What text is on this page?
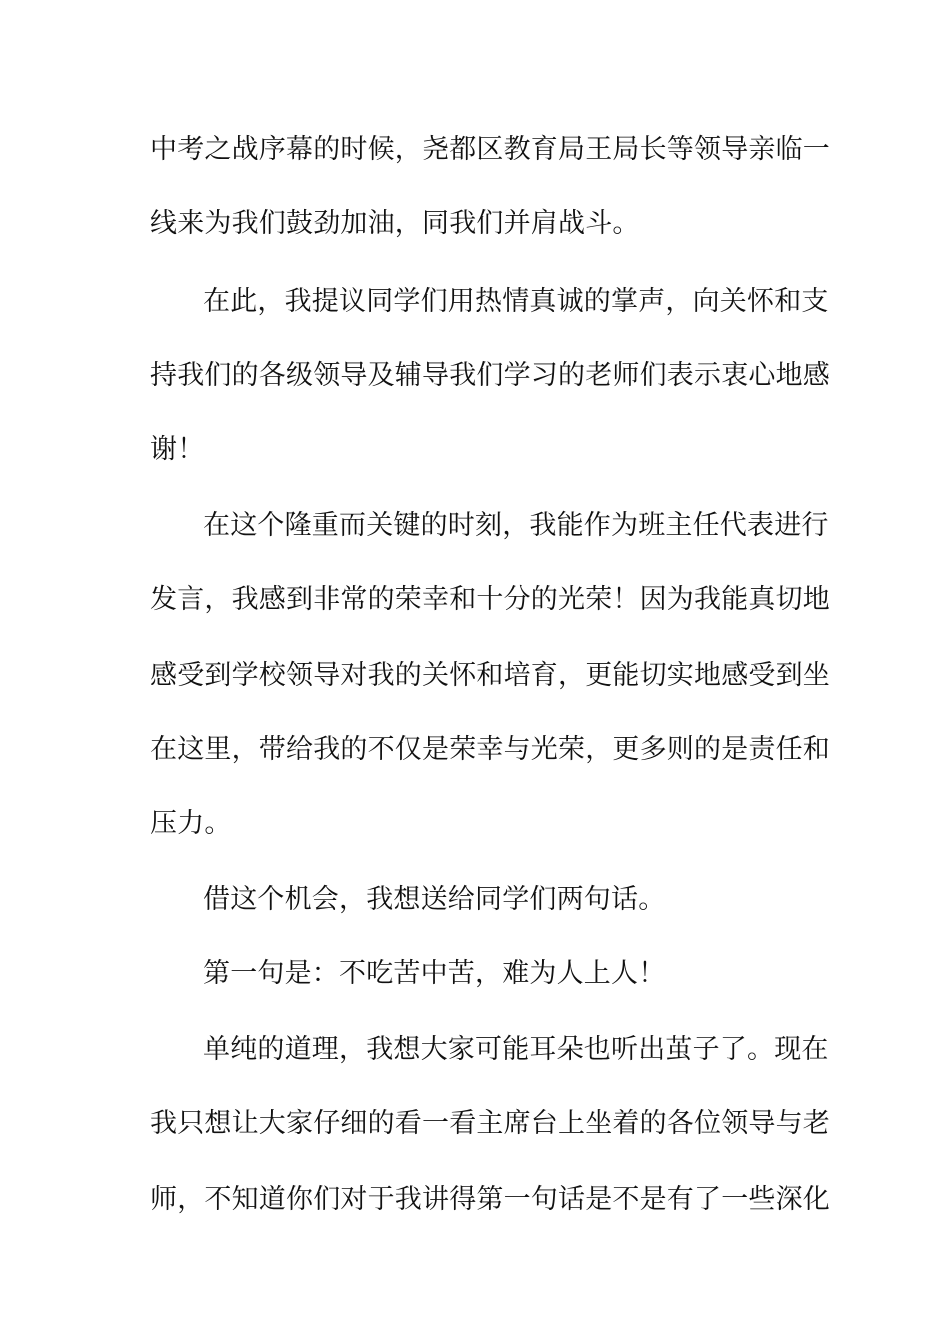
中考之战序幕的时候，尧都区教育局王局长等领导亲临一
线来为我们鼓劲加油，同我们并肩战斗。
在此，我提议同学们用热情真诚的掌声，向关怀和支
持我们的各级领导及辅导我们学习的老师们表示衷心地感
谢！
在这个隆重而关键的时刻，我能作为班主任代表进行
发言，我感到非常的荣幸和十分的光荣！因为我能真切地
感受到学校领导对我的关怀和培育，更能切实地感受到坐
在这里，带给我的不仅是荣幸与光荣，更多则的是责任和
压力。
借这个机会，我想送给同学们两句话。
第一句是：不吃苦中苦，难为人上人！
单纯的道理，我想大家可能耳朵也听出茧子了。现在
我只想让大家仔细的看一看主席台上坐着的各位领导与老
师，不知道你们对于我讲得第一句话是不是有了一些深化
